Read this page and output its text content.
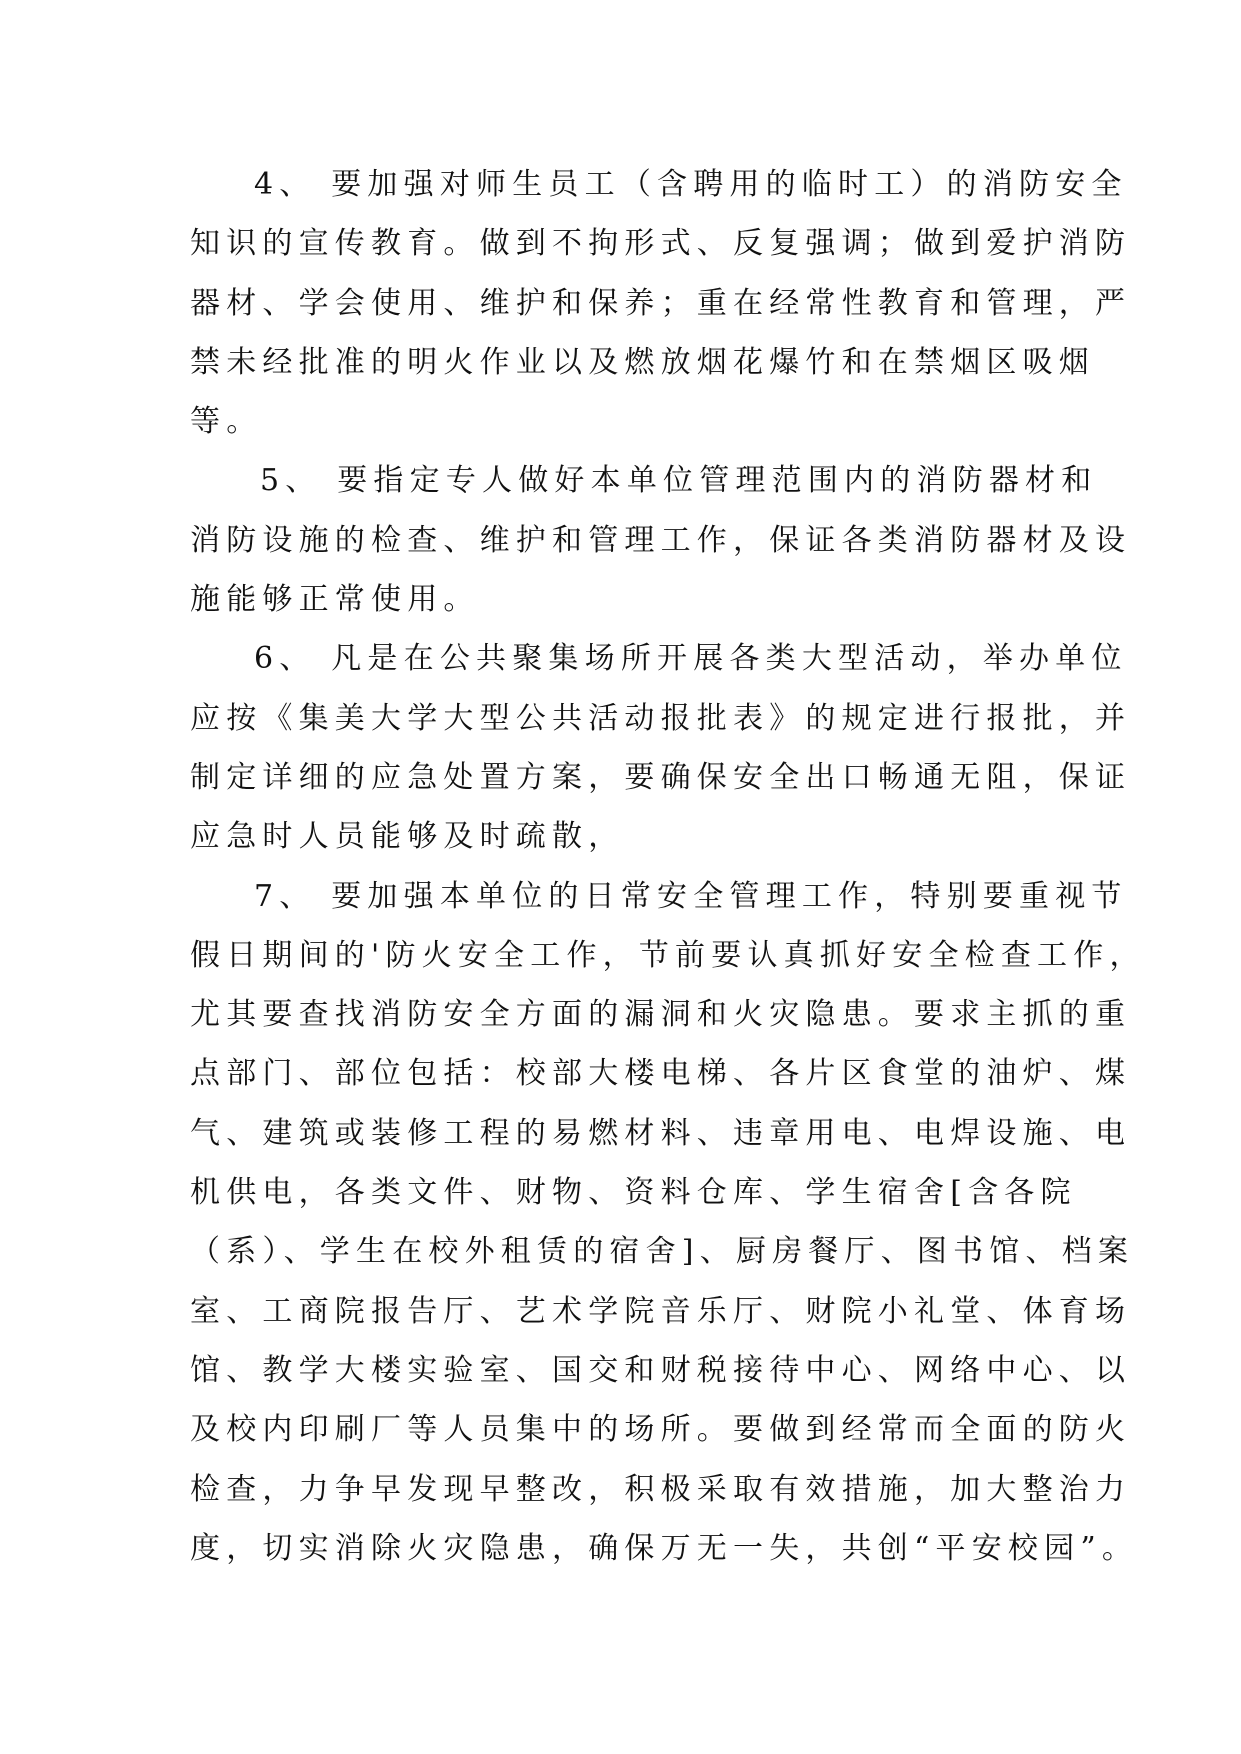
4、 要加强对师生员工（含聘用的临时工）的消防安全
知识的宣传教育。做到不拘形式、反复强调；做到爱护消防
器材、学会使用、维护和保养；重在经常性教育和管理，严
禁未经批准的明火作业以及燃放烟花爆竹和在禁烟区吸烟
等。
5、 要指定专人做好本单位管理范围内的消防器材和
消防设施的检查、维护和管理工作，保证各类消防器材及设
施能够正常使用。
6、 凡是在公共聚集场所开展各类大型活动，举办单位
应按《集美大学大型公共活动报批表》的规定进行报批，并
制定详细的应急处置方案，要确保安全出口畅通无阻，保证
应急时人员能够及时疏散，
7、 要加强本单位的日常安全管理工作，特别要重视节
假日期间的'防火安全工作，节前要认真抓好安全检查工作，
尤其要查找消防安全方面的漏洞和火灾隐患。要求主抓的重
点部门、部位包括：校部大楼电梯、各片区食堂的油炉、煤
气、建筑或装修工程的易燃材料、违章用电、电焊设施、电
机供电，各类文件、财物、资料仓库、学生宿舍[含各院
（系）、学生在校外租赁的宿舍]、厨房餐厅、图书馆、档案
室、工商院报告厅、艺术学院音乐厅、财院小礼堂、体育场
馆、教学大楼实验室、国交和财税接待中心、网络中心、以
及校内印刷厂等人员集中的场所。要做到经常而全面的防火
检查，力争早发现早整改，积极采取有效措施，加大整治力
度，切实消除火灾隐患，确保万无一失，共创“平安校园”。
